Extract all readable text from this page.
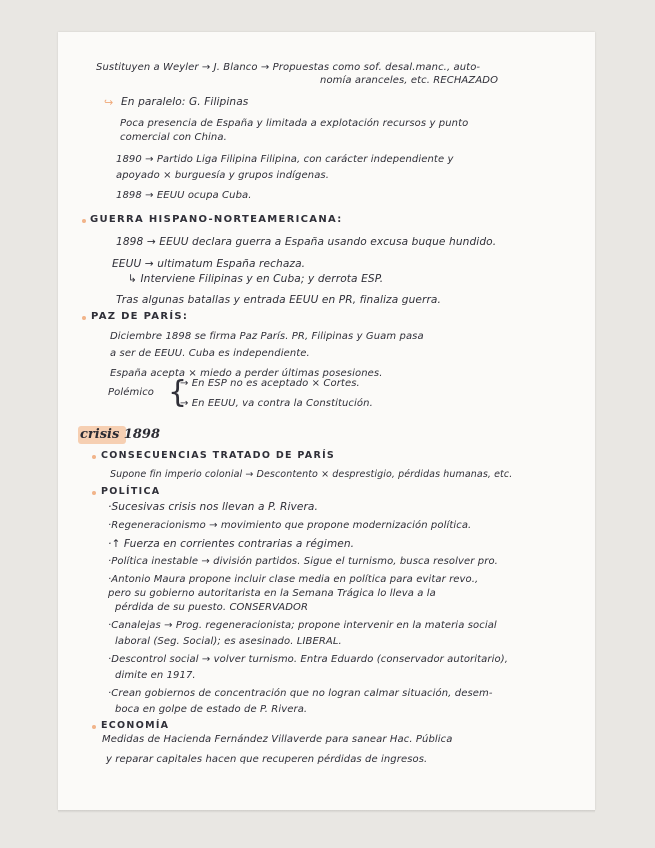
Sustituyen a Weyler → J. Blanco → Propuestas como sof. desal.manc., auto-
nomía aranceles, etc. RECHAZADO
↪ En paralelo: G. Filipinas
Poca presencia de España y limitada a explotación recursos y punto
comercial con China.
1890 → Partido Liga Filipina Filipina, con carácter independiente y
apoyado × burguesía y grupos indígenas.
1898 → EEUU ocupa Cuba.
GUERRA HISPANO-NORTEAMERICANA:
1898 → EEUU declara guerra a España usando excusa buque hundido.
EEUU → ultimatum España rechaza.
↳ Interviene Filipinas y en Cuba; y derrota ESP.
Tras algunas batallas y entrada EEUU en PR, finaliza guerra.
PAZ DE PARÍS:
Diciembre 1898 se firma Paz París. PR, Filipinas y Guam pasa
a ser de EEUU. Cuba es independiente.
España acepta × miedo a perder últimas posesiones.
Polémico {
→ En ESP no es aceptado × Cortes.
→ En EEUU, va contra la Constitución.
crisis 1898
CONSECUENCIAS TRATADO DE PARÍS
Supone fin imperio colonial → Descontento × desprestigio, pérdidas humanas, etc.
POLÍTICA
·Sucesivas crisis nos llevan a P. Rivera.
·Regeneracionismo → movimiento que propone modernización política.
·↑ Fuerza en corrientes contrarias a régimen.
·Política inestable → división partidos. Sigue el turnismo, busca resolver pro.
·Antonio Maura propone incluir clase media en política para evitar revo.,
pero su gobierno autoritarista en la Semana Trágica lo lleva a la
pérdida de su puesto. CONSERVADOR
·Canalejas → Prog. regeneracionista; propone intervenir en la materia social
laboral (Seg. Social); es asesinado. LIBERAL.
·Descontrol social → volver turnismo. Entra Eduardo (conservador autoritario),
dimite en 1917.
·Crean gobiernos de concentración que no logran calmar situación, desem-
boca en golpe de estado de P. Rivera.
ECONOMÍA
Medidas de Hacienda Fernández Villaverde para sanear Hac. Pública
y reparar capitales hacen que recuperen pérdidas de ingresos.
